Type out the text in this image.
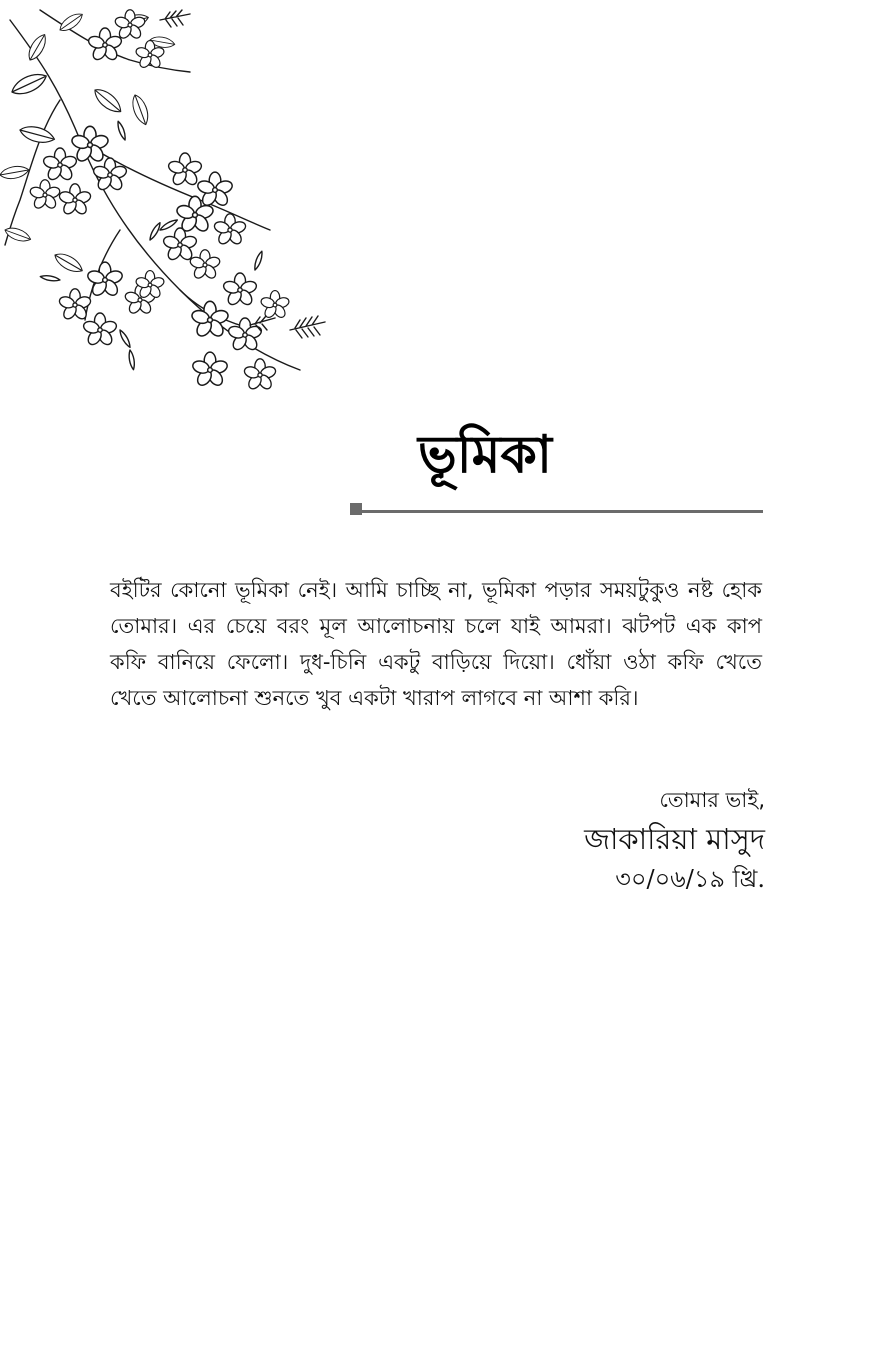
ভূমিকা
বইটির কোনো ভূমিকা নেই। আমি চাচ্ছি না, ভূমিকা পড়ার সময়টুকুও নষ্ট হোক তোমার। এর চেয়ে বরং মূল আলোচনায় চলে যাই আমরা। ঝটপট এক কাপ কফি বানিয়ে ফেলো। দুধ-চিনি একটু বাড়িয়ে দিয়ো। ধোঁয়া ওঠা কফি খেতে খেতে আলোচনা শুনতে খুব একটা খারাপ লাগবে না আশা করি।
তোমার ভাই,
জাকারিয়া মাসুদ
৩০/০৬/১৯ খ্রি.
